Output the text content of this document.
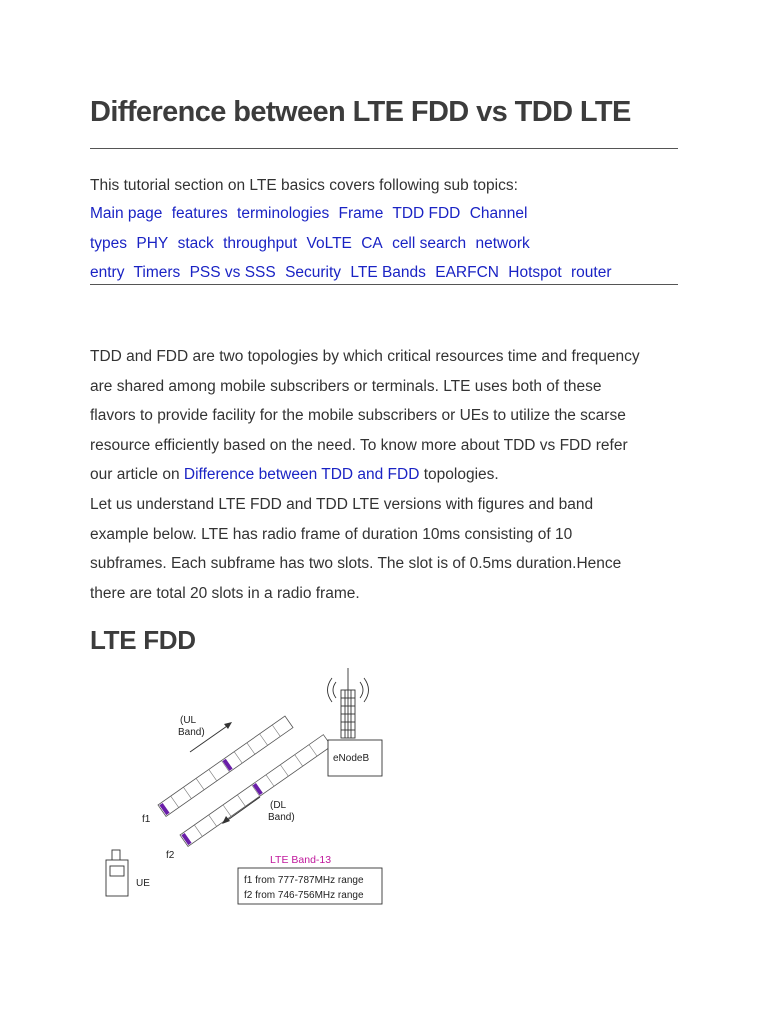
Difference between LTE FDD vs TDD LTE
This tutorial section on LTE basics covers following sub topics:
Main page features terminologies Frame TDD FDD Channel
types PHY stack throughput VoLTE CA cell search network
entry Timers PSS vs SSS Security LTE Bands EARFCN Hotspot router
TDD and FDD are two topologies by which critical resources time and frequency
are shared among mobile subscribers or terminals. LTE uses both of these
flavors to provide facility for the mobile subscribers or UEs to utilize the scarse
resource efficiently based on the need. To know more about TDD vs FDD refer
our article on Difference between TDD and FDD topologies.
Let us understand LTE FDD and TDD LTE versions with figures and band
example below. LTE has radio frame of duration 10ms consisting of 10
subframes. Each subframe has two slots. The slot is of 0.5ms duration.Hence
there are total 20 slots in a radio frame.
LTE FDD
(UL
Band)
(DL
Band)
f1
f2
eNodeB
UE
LTE Band-13
f1 from 777-787MHz range
f2 from 746-756MHz range
